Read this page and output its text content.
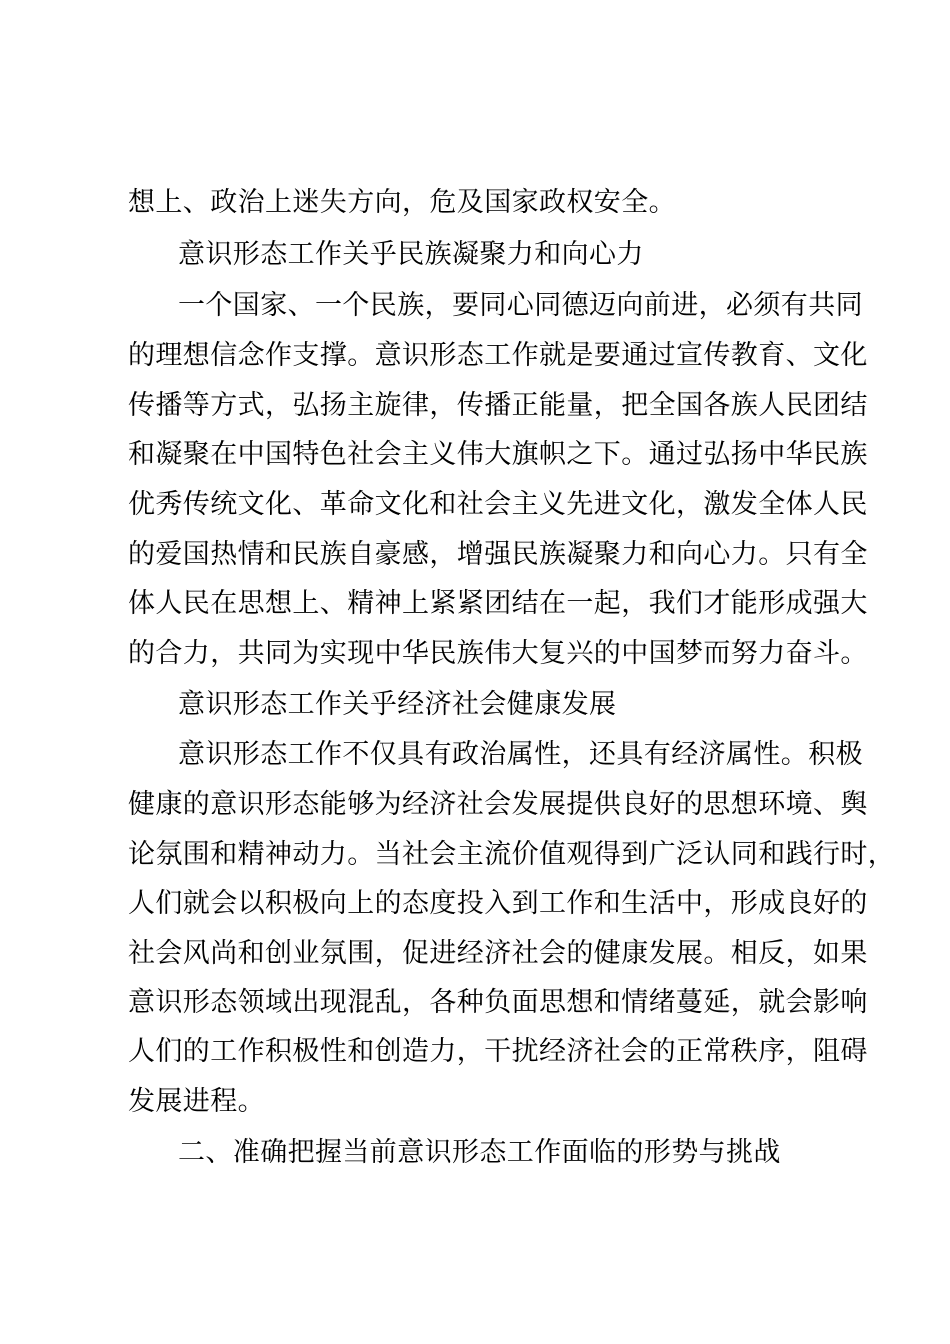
想上、政治上迷失方向，危及国家政权安全。
意识形态工作关乎民族凝聚力和向心力
一个国家、一个民族，要同心同德迈向前进，必须有共同
的理想信念作支撑。意识形态工作就是要通过宣传教育、文化
传播等方式，弘扬主旋律，传播正能量，把全国各族人民团结
和凝聚在中国特色社会主义伟大旗帜之下。通过弘扬中华民族
优秀传统文化、革命文化和社会主义先进文化，激发全体人民
的爱国热情和民族自豪感，增强民族凝聚力和向心力。只有全
体人民在思想上、精神上紧紧团结在一起，我们才能形成强大
的合力，共同为实现中华民族伟大复兴的中国梦而努力奋斗。
意识形态工作关乎经济社会健康发展
意识形态工作不仅具有政治属性，还具有经济属性。积极
健康的意识形态能够为经济社会发展提供良好的思想环境、舆
论氛围和精神动力。当社会主流价值观得到广泛认同和践行时，
人们就会以积极向上的态度投入到工作和生活中，形成良好的
社会风尚和创业氛围，促进经济社会的健康发展。相反，如果
意识形态领域出现混乱，各种负面思想和情绪蔓延，就会影响
人们的工作积极性和创造力，干扰经济社会的正常秩序，阻碍
发展进程。
二、准确把握当前意识形态工作面临的形势与挑战
